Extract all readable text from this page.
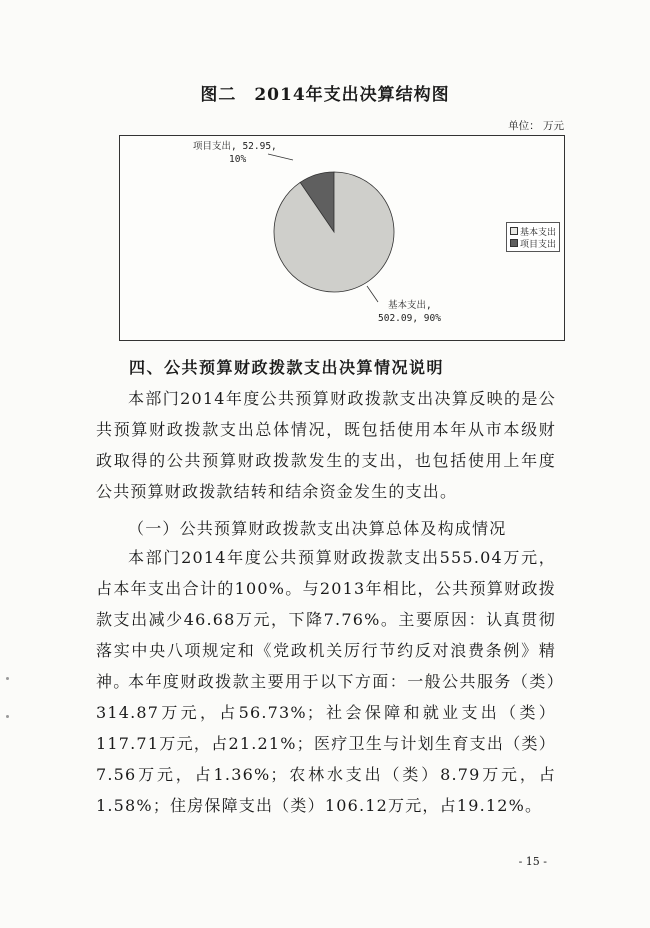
图二 2014年支出决算结构图
单位： 万元
项目支出, 52.95,
10%
基本支出,
502.09, 90%
基本支出
项目支出
四、公共预算财政拨款支出决算情况说明

本部门2014年度公共预算财政拨款支出决算反映的是公共预算财政拨款支出总体情况，既包括使用本年从市本级财政取得的公共预算财政拨款发生的支出，也包括使用上年度公共预算财政拨款结转和结余资金发生的支出。

（一）公共预算财政拨款支出决算总体及构成情况

本部门2014年度公共预算财政拨款支出555.04万元，占本年支出合计的100%。与2013年相比，公共预算财政拨款支出减少46.68万元，下降7.76%。主要原因：认真贯彻落实中央八项规定和《党政机关厉行节约反对浪费条例》精神。

本年度财政拨款主要用于以下方面：一般公共服务（类）314.87万元，占56.73%；社会保障和就业支出（类）117.71万元，占21.21%；医疗卫生与计划生育支出（类）7.56万元，占1.36%；农林水支出（类）8.79万元，占1.58%；住房保障支出（类）106.12万元，占19.12%。

- 15 -
